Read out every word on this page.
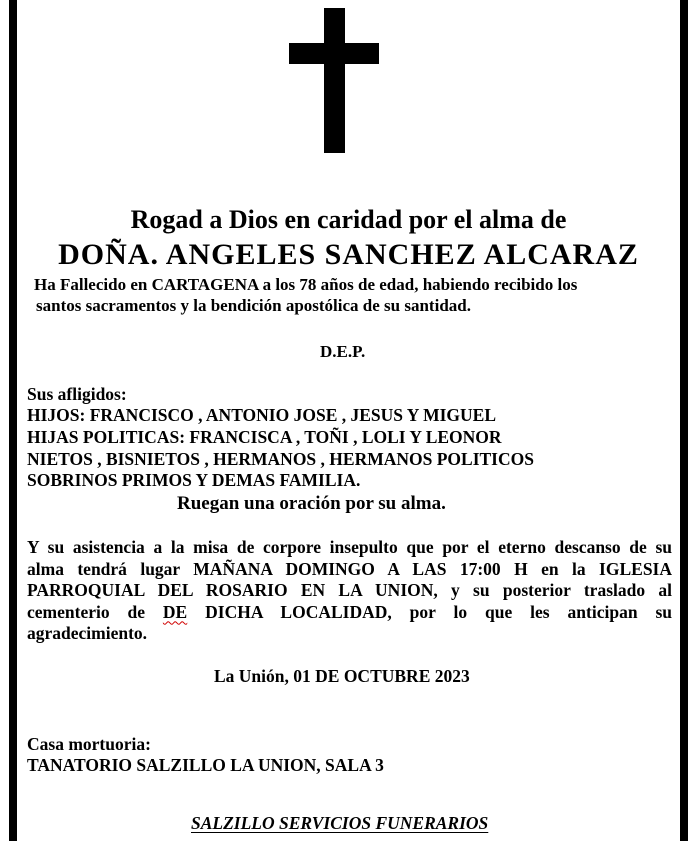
Rogad a Dios en caridad por el alma de

DOÑA. ANGELES SANCHEZ ALCARAZ

Ha Fallecido en CARTAGENA a los 78 años de edad, habiendo recibido los

santos sacramentos y la bendición apostólica de su santidad.

D.E.P.

Sus afligidos:

HIJOS: FRANCISCO , ANTONIO JOSE , JESUS Y MIGUEL

HIJAS POLITICAS: FRANCISCA , TOÑI , LOLI Y LEONOR

NIETOS , BISNIETOS , HERMANOS , HERMANOS POLITICOS

SOBRINOS PRIMOS Y DEMAS FAMILIA.

Ruegan una oración por su alma.

Y su asistencia a la misa de corpore insepulto que por el eterno descanso de su
alma tendrá lugar MAÑANA DOMINGO A LAS 17:00 H en la IGLESIA
PARROQUIAL DEL ROSARIO EN LA UNION, y su posterior traslado al
cementerio de DE DICHA LOCALIDAD, por lo que les anticipan su
agradecimiento.

La Unión, 01 DE OCTUBRE 2023

Casa mortuoria:

TANATORIO SALZILLO LA UNION, SALA 3

SALZILLO SERVICIOS FUNERARIOS
